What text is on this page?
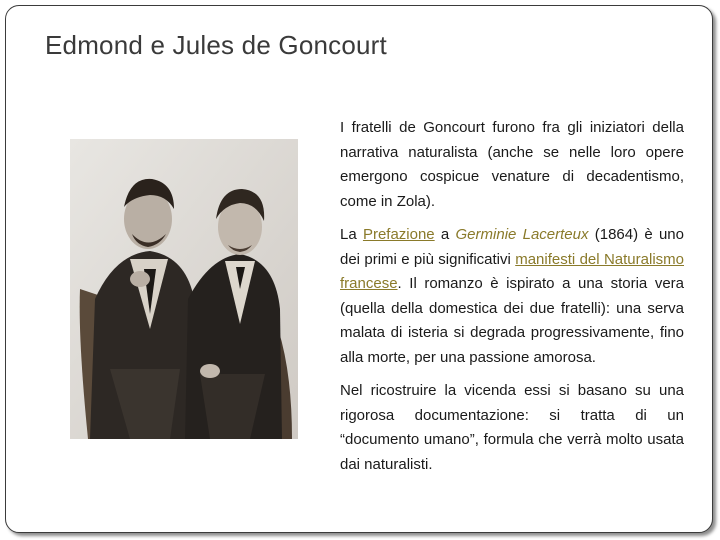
Edmond e Jules de Goncourt

I fratelli de Goncourt furono fra gli iniziatori della narrativa naturalista (anche se nelle loro opere emergono cospicue venature di decadentismo, come in Zola).

La Prefazione a Germinie Lacerteux (1864) è uno dei primi e più significativi manifesti del Naturalismo francese. Il romanzo è ispirato a una storia vera (quella della domestica dei due fratelli): una serva malata di isteria si degrada progressivamente, fino alla morte, per una passione amorosa.

Nel ricostruire la vicenda essi si basano su una rigorosa documentazione: si tratta di un “documento umano”, formula che verrà molto usata dai naturalisti.
